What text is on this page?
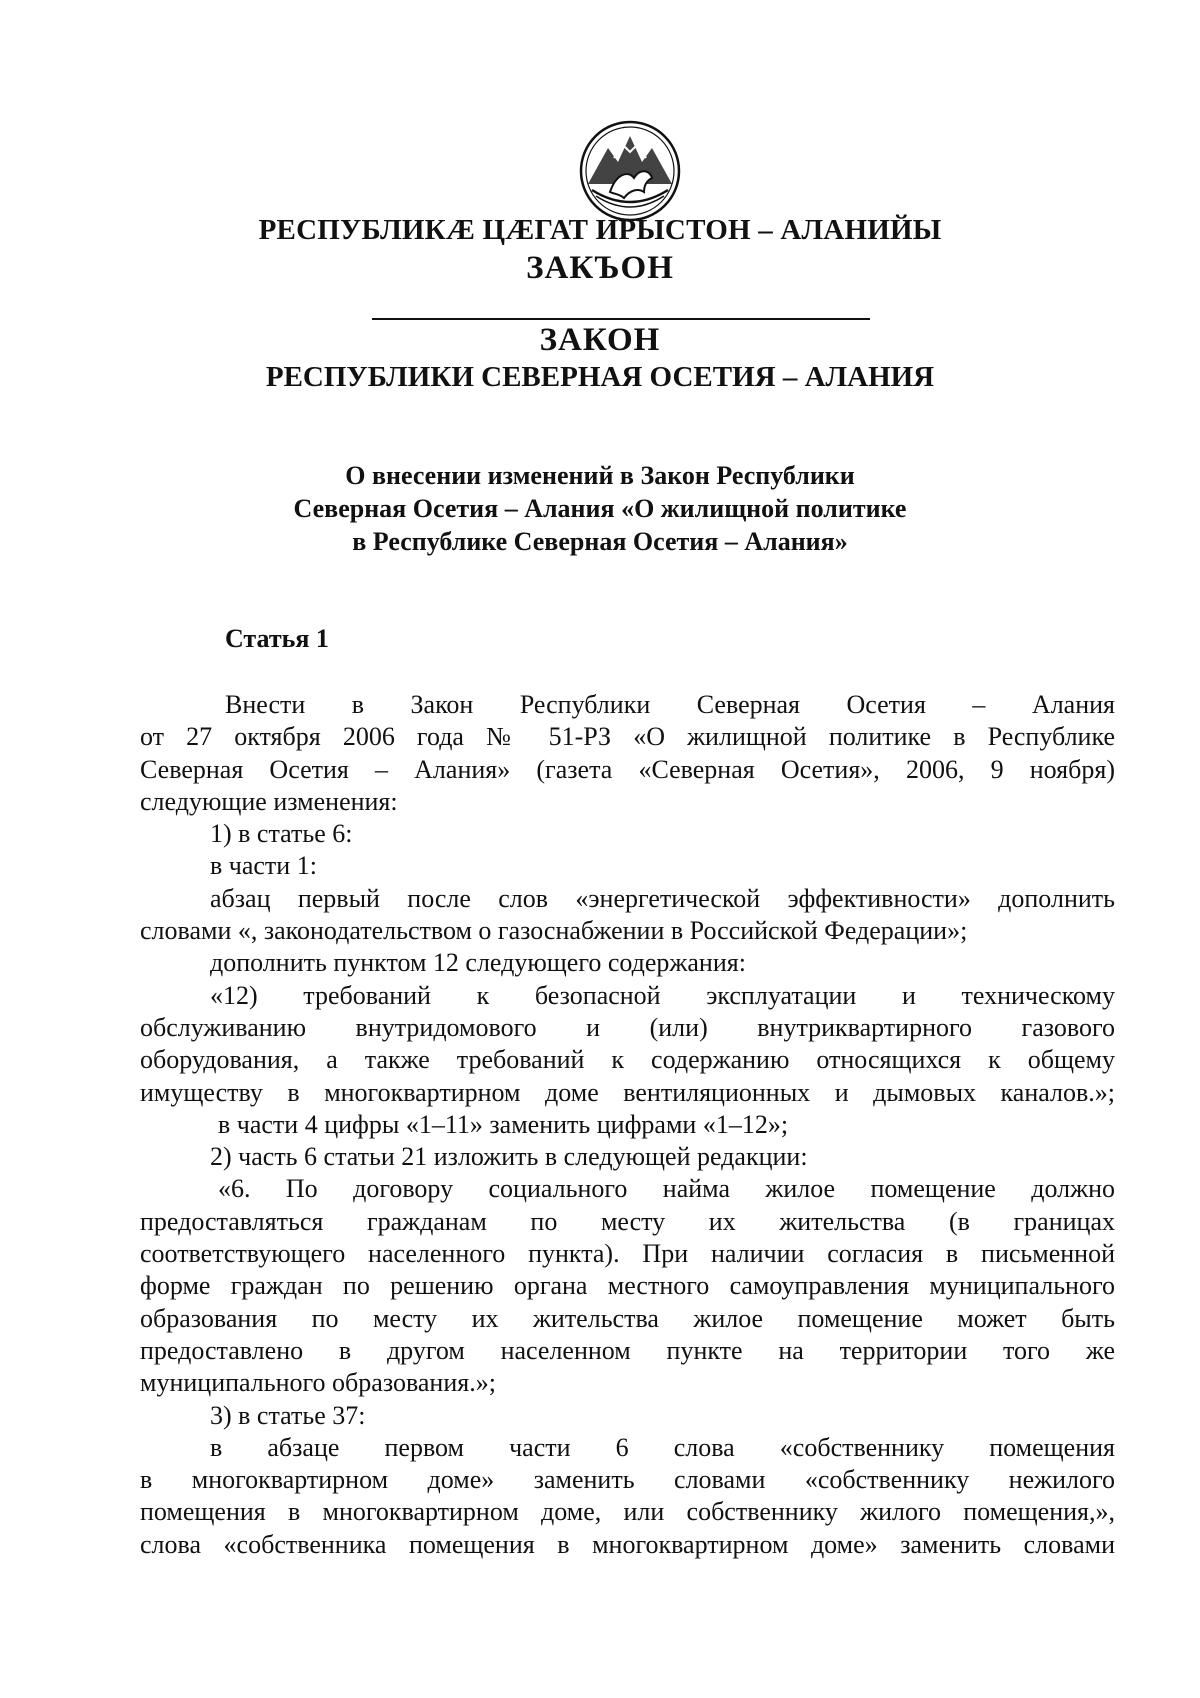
РЕСПУБЛИКӔ ЦӔГАТ ИРЫСТОН – АЛАНИЙЫ
ЗАКЪОН
ЗАКОН
РЕСПУБЛИКИ СЕВЕРНАЯ ОСЕТИЯ – АЛАНИЯ
О внесении изменений в Закон Республики
Северная Осетия – Алания «О жилищной политике
в Республике Северная Осетия – Алания»
Статья 1
Внести в Закон Республики Северная Осетия – Алания
от 27 октября 2006 года № 51-РЗ «О жилищной политике в Республике
Северная Осетия – Алания» (газета «Северная Осетия», 2006, 9 ноября)
следующие изменения:
1) в статье 6:
в части 1:
абзац первый после слов «энергетической эффективности» дополнить
словами «, законодательством о газоснабжении в Российской Федерации»;
дополнить пунктом 12 следующего содержания:
«12) требований к безопасной эксплуатации и техническому
обслуживанию внутридомового и (или) внутриквартирного газового
оборудования, а также требований к содержанию относящихся к общему
имуществу в многоквартирном доме вентиляционных и дымовых каналов.»;
в части 4 цифры «1–11» заменить цифрами «1–12»;
2) часть 6 статьи 21 изложить в следующей редакции:
«6. По договору социального найма жилое помещение должно
предоставляться гражданам по месту их жительства (в границах
соответствующего населенного пункта). При наличии согласия в письменной
форме граждан по решению органа местного самоуправления муниципального
образования по месту их жительства жилое помещение может быть
предоставлено в другом населенном пункте на территории того же
муниципального образования.»;
3) в статье 37:
в абзаце первом части 6 слова «собственнику помещения
в многоквартирном доме» заменить словами «собственнику нежилого
помещения в многоквартирном доме, или собственнику жилого помещения,»,
слова «собственника помещения в многоквартирном доме» заменить словами
